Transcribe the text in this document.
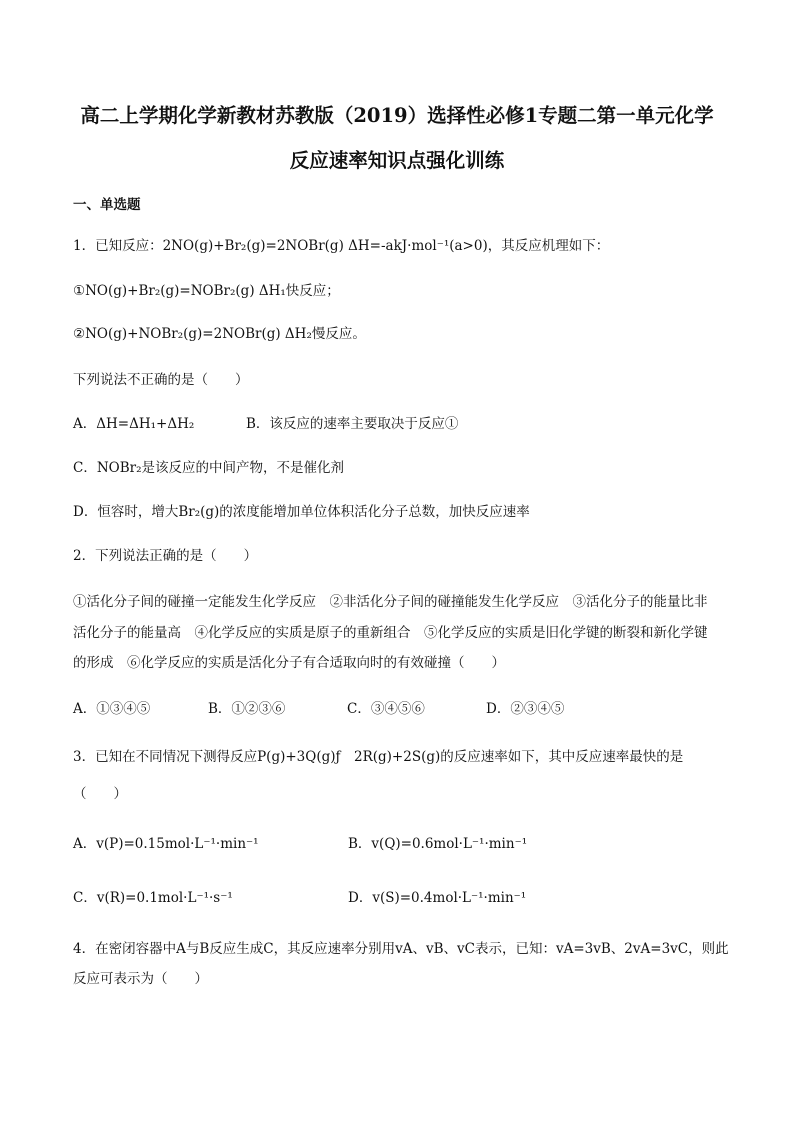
高二上学期化学新教材苏教版（2019）选择性必修1专题二第一单元化学
反应速率知识点强化训练
一、单选题
1．已知反应：2NO(g)+Br₂(g)=2NOBr(g) ΔH=-akJ·mol⁻¹(a>0)，其反应机理如下：
①NO(g)+Br₂(g)=NOBr₂(g) ΔH₁快反应；
②NO(g)+NOBr₂(g)=2NOBr(g) ΔH₂慢反应。
下列说法不正确的是（　　）
A．ΔH=ΔH₁+ΔH₂	B．该反应的速率主要取决于反应①
C．NOBr₂是该反应的中间产物，不是催化剂
D．恒容时，增大Br₂(g)的浓度能增加单位体积活化分子总数，加快反应速率
2．下列说法正确的是（　　）
①活化分子间的碰撞一定能发生化学反应　②非活化分子间的碰撞能发生化学反应　③活化分子的能量比非
活化分子的能量高　④化学反应的实质是原子的重新组合　⑤化学反应的实质是旧化学键的断裂和新化学键
的形成　⑥化学反应的实质是活化分子有合适取向时的有效碰撞（　　）
A．①③④⑤	B．①②③⑥	C．③④⑤⑥	D．②③④⑤
3．已知在不同情况下测得反应P(g)+3Q(g)ƒ　2R(g)+2S(g)的反应速率如下，其中反应速率最快的是
（　　）
A．v(P)=0.15mol·L⁻¹·min⁻¹	B．v(Q)=0.6mol·L⁻¹·min⁻¹
C．v(R)=0.1mol·L⁻¹·s⁻¹	D．v(S)=0.4mol·L⁻¹·min⁻¹
4．在密闭容器中A与B反应生成C，其反应速率分别用vA、vB、vC表示，已知：vA=3vB、2vA=3vC，则此
反应可表示为（　　）
